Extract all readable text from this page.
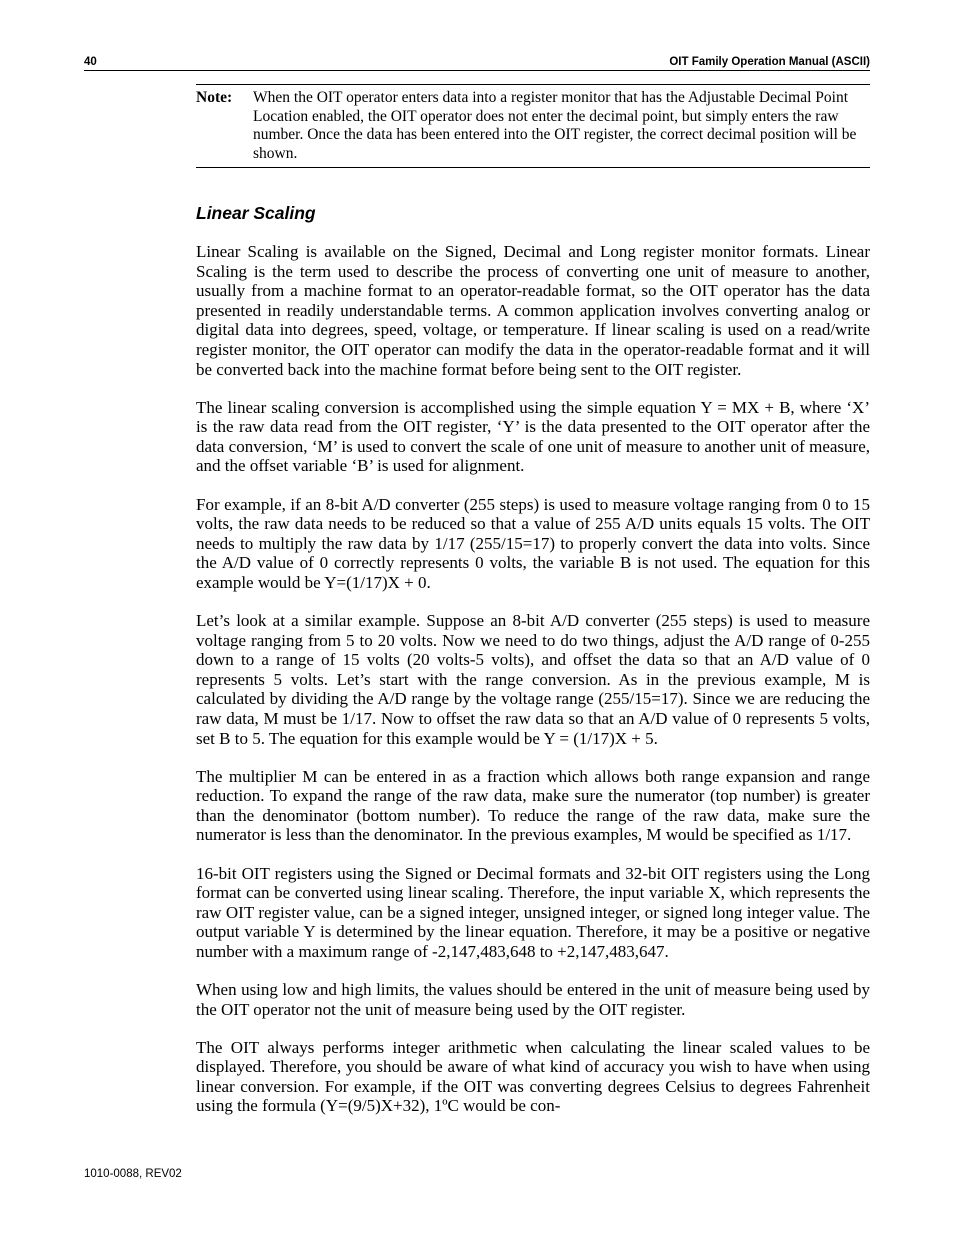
40	OIT Family Operation Manual (ASCII)
Note:	When the OIT operator enters data into a register monitor that has the Adjustable Decimal Point Location enabled, the OIT operator does not enter the decimal point, but simply enters the raw number. Once the data has been entered into the OIT register, the correct decimal position will be shown.
Linear Scaling

Linear Scaling is available on the Signed, Decimal and Long register monitor formats. Linear Scaling is the term used to describe the process of converting one unit of measure to another, usually from a machine format to an operator-readable format, so the OIT operator has the data presented in readily understandable terms. A common application involves converting analog or digital data into degrees, speed, voltage, or temperature. If linear scaling is used on a read/write register monitor, the OIT operator can modify the data in the operator-readable format and it will be converted back into the machine format before being sent to the OIT register.

The linear scaling conversion is accomplished using the simple equation Y = MX + B, where ‘X’ is the raw data read from the OIT register, ‘Y’ is the data presented to the OIT operator after the data conversion, ‘M’ is used to convert the scale of one unit of measure to another unit of measure, and the offset variable ‘B’ is used for alignment.

For example, if an 8-bit A/D converter (255 steps) is used to measure voltage ranging from 0 to 15 volts, the raw data needs to be reduced so that a value of 255 A/D units equals 15 volts. The OIT needs to multiply the raw data by 1/17 (255/15=17) to properly convert the data into volts. Since the A/D value of 0 correctly represents 0 volts, the variable B is not used. The equation for this example would be Y=(1/17)X + 0.

Let’s look at a similar example. Suppose an 8-bit A/D converter (255 steps) is used to measure voltage ranging from 5 to 20 volts. Now we need to do two things, adjust the A/D range of 0-255 down to a range of 15 volts (20 volts-5 volts), and offset the data so that an A/D value of 0 represents 5 volts. Let’s start with the range conversion. As in the previous example, M is calculated by dividing the A/D range by the voltage range (255/15=17). Since we are reducing the raw data, M must be 1/17. Now to offset the raw data so that an A/D value of 0 represents 5 volts, set B to 5. The equation for this example would be Y = (1/17)X + 5.

The multiplier M can be entered in as a fraction which allows both range expansion and range reduction. To expand the range of the raw data, make sure the numerator (top number) is greater than the denominator (bottom number). To reduce the range of the raw data, make sure the numerator is less than the denominator. In the previous examples, M would be specified as 1/17.

16-bit OIT registers using the Signed or Decimal formats and 32-bit OIT registers using the Long format can be converted using linear scaling. Therefore, the input variable X, which represents the raw OIT register value, can be a signed integer, unsigned integer, or signed long integer value. The output variable Y is determined by the linear equation. Therefore, it may be a positive or negative number with a maximum range of -2,147,483,648 to +2,147,483,647.

When using low and high limits, the values should be entered in the unit of measure being used by the OIT operator not the unit of measure being used by the OIT register.

The OIT always performs integer arithmetic when calculating the linear scaled values to be displayed. Therefore, you should be aware of what kind of accuracy you wish to have when using linear conversion. For example, if the OIT was converting degrees Celsius to degrees Fahrenheit using the formula (Y=(9/5)X+32), 1ºC would be con-

1010-0088, REV02
